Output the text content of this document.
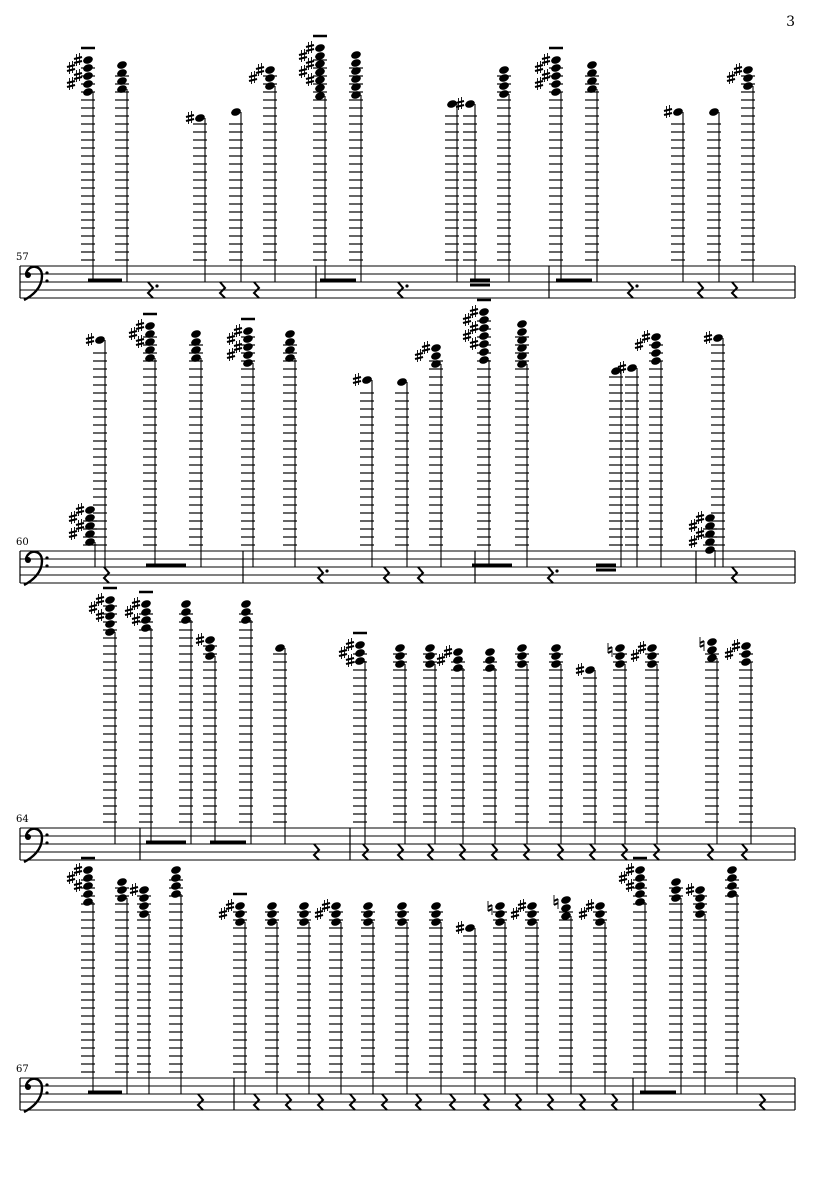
3
57
60
64
67
